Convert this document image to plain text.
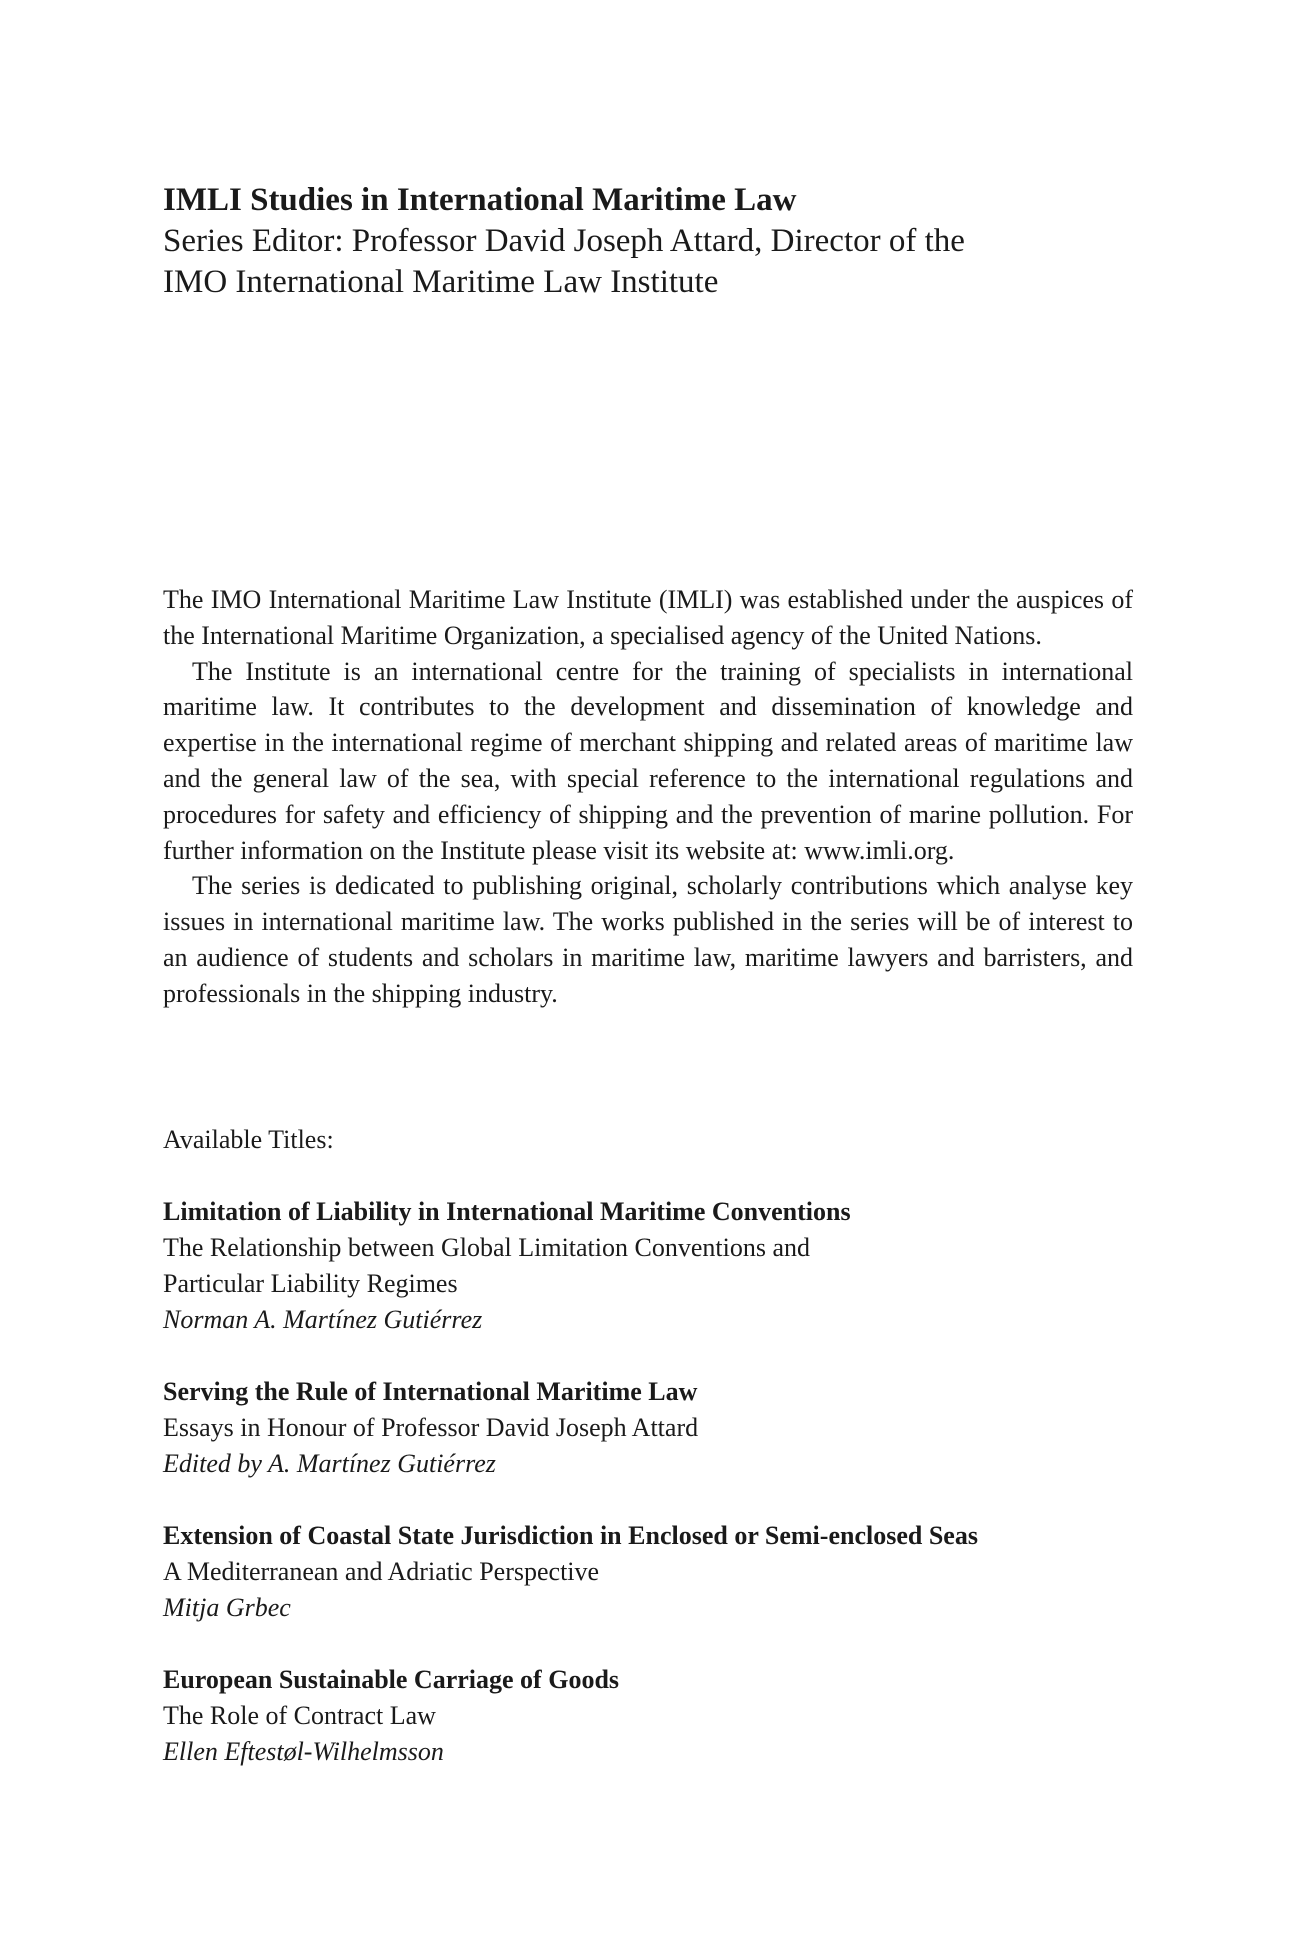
IMLI Studies in International Maritime Law

Series Editor: Professor David Joseph Attard, Director of the

IMO International Maritime Law Institute

The IMO International Maritime Law Institute (IMLI) was established under the auspices of the International Maritime Organization, a specialised agency of the United Nations.

The Institute is an international centre for the training of specialists in international maritime law. It contributes to the development and dissemination of knowledge and expertise in the international regime of merchant shipping and related areas of maritime law and the general law of the sea, with special reference to the international regulations and procedures for safety and efficiency of shipping and the prevention of marine pollution. For further information on the Institute please visit its website at: www.imli.org.

The series is dedicated to publishing original, scholarly contributions which analyse key issues in international maritime law. The works published in the series will be of interest to an audience of students and scholars in maritime law, maritime lawyers and barristers, and professionals in the shipping industry.

Available Titles:

Limitation of Liability in International Maritime Conventions
The Relationship between Global Limitation Conventions and Particular Liability Regimes
Norman A. Martínez Gutiérrez
Serving the Rule of International Maritime Law
Essays in Honour of Professor David Joseph Attard
Edited by A. Martínez Gutiérrez
Extension of Coastal State Jurisdiction in Enclosed or Semi-enclosed Seas
A Mediterranean and Adriatic Perspective
Mitja Grbec
European Sustainable Carriage of Goods
The Role of Contract Law
Ellen Eftestøl-Wilhelmsson
